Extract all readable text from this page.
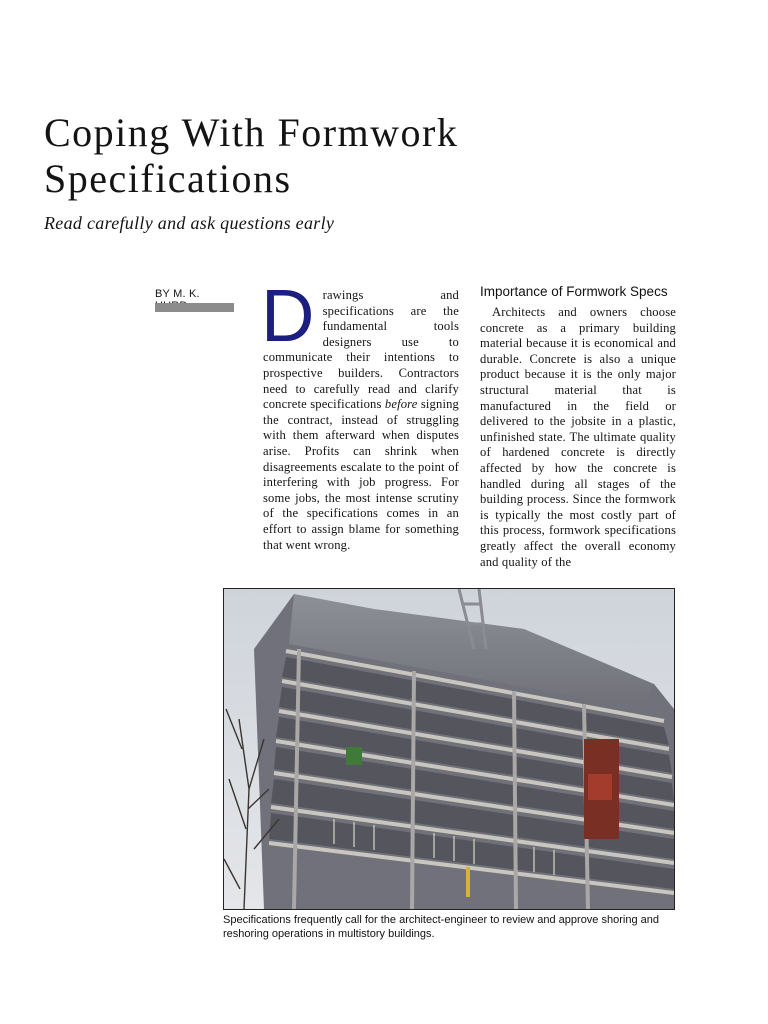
Coping With Formwork
Specifications
Read carefully and ask questions early
BY M. K. Drawings and specifications are the fundamental tools designers use to communicate their intentions to prospective builders. Contractors need to carefully read and clarify concrete specifications before signing the contract, instead of struggling with them afterward when disputes arise. Profits can shrink when disagreements escalate to the point of interfering with job progress. For some jobs, the most intense scrutiny of the specifications comes in an effort to assign blame for something that went wrong.
Importance of Formwork Specs
Architects and owners choose concrete as a primary building material because it is economical and durable. Concrete is also a unique product because it is the only major structural material that is manufactured in the field or delivered to the jobsite in a plastic, unfinished state. The ultimate quality of hardened concrete is directly affected by how the concrete is handled during all stages of the building process. Since the formwork is typically the most costly part of this process, formwork specifications greatly affect the overall economy and quality of the
Specifications frequently call for the architect-engineer to review and approve shoring and reshoring operations in multistory buildings.
